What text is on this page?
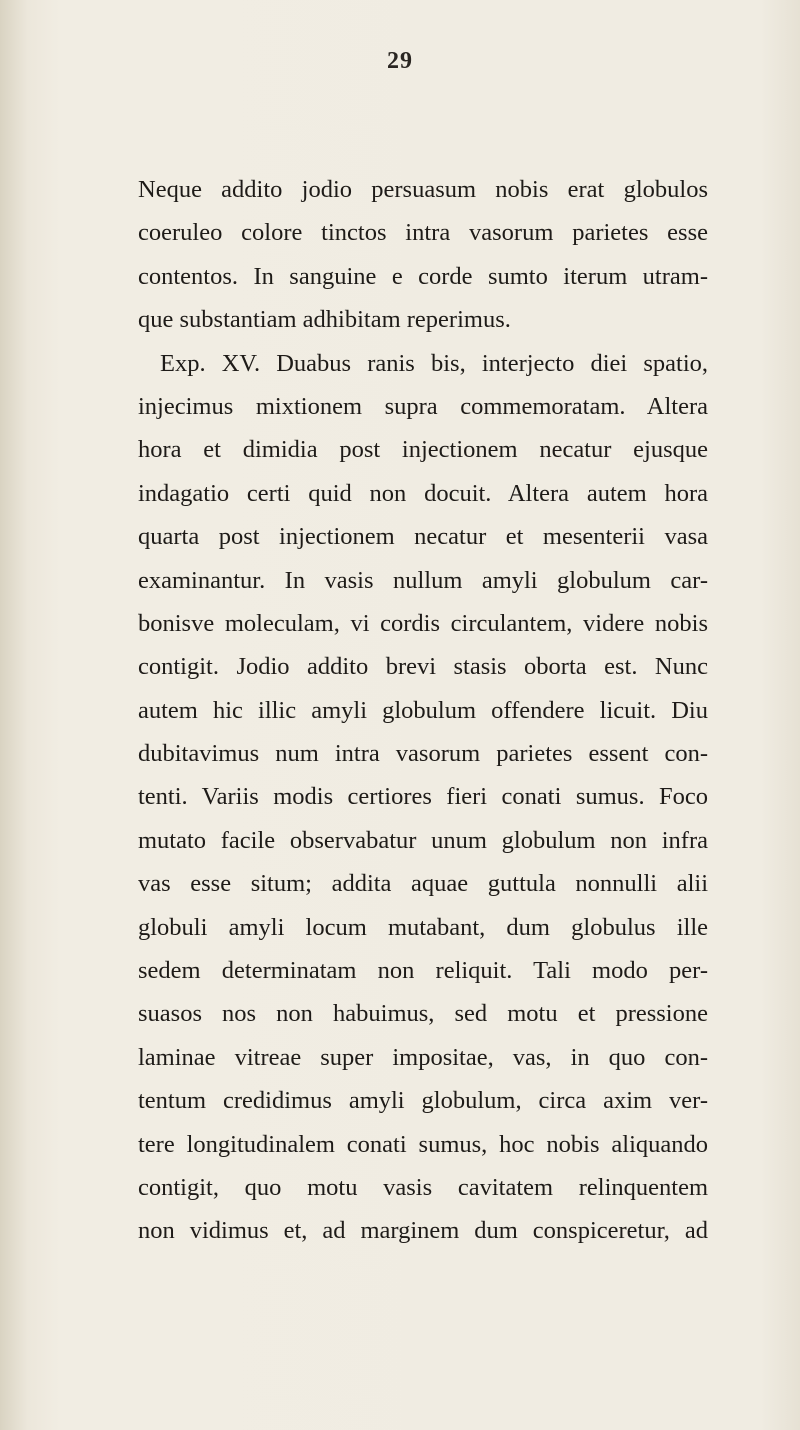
29
Neque addito jodio persuasum nobis erat globulos
coeruleo colore tinctos intra vasorum parietes esse
contentos. In sanguine e corde sumto iterum utram-
que substantiam adhibitam reperimus.
Exp. XV. Duabus ranis bis, interjecto diei spatio,
injecimus mixtionem supra commemoratam. Altera
hora et dimidia post injectionem necatur ejusque
indagatio certi quid non docuit. Altera autem hora
quarta post injectionem necatur et mesenterii vasa
examinantur. In vasis nullum amyli globulum car-
bonisve moleculam, vi cordis circulantem, videre nobis
contigit. Jodio addito brevi stasis oborta est. Nunc
autem hic illic amyli globulum offendere licuit. Diu
dubitavimus num intra vasorum parietes essent con-
tenti. Variis modis certiores fieri conati sumus. Foco
mutato facile observabatur unum globulum non infra
vas esse situm; addita aquae guttula nonnulli alii
globuli amyli locum mutabant, dum globulus ille
sedem determinatam non reliquit. Tali modo per-
suasos nos non habuimus, sed motu et pressione
laminae vitreae super impositae, vas, in quo con-
tentum credidimus amyli globulum, circa axim ver-
tere longitudinalem conati sumus, hoc nobis aliquando
contigit, quo motu vasis cavitatem relinquentem
non vidimus et, ad marginem dum conspiceretur, ad
